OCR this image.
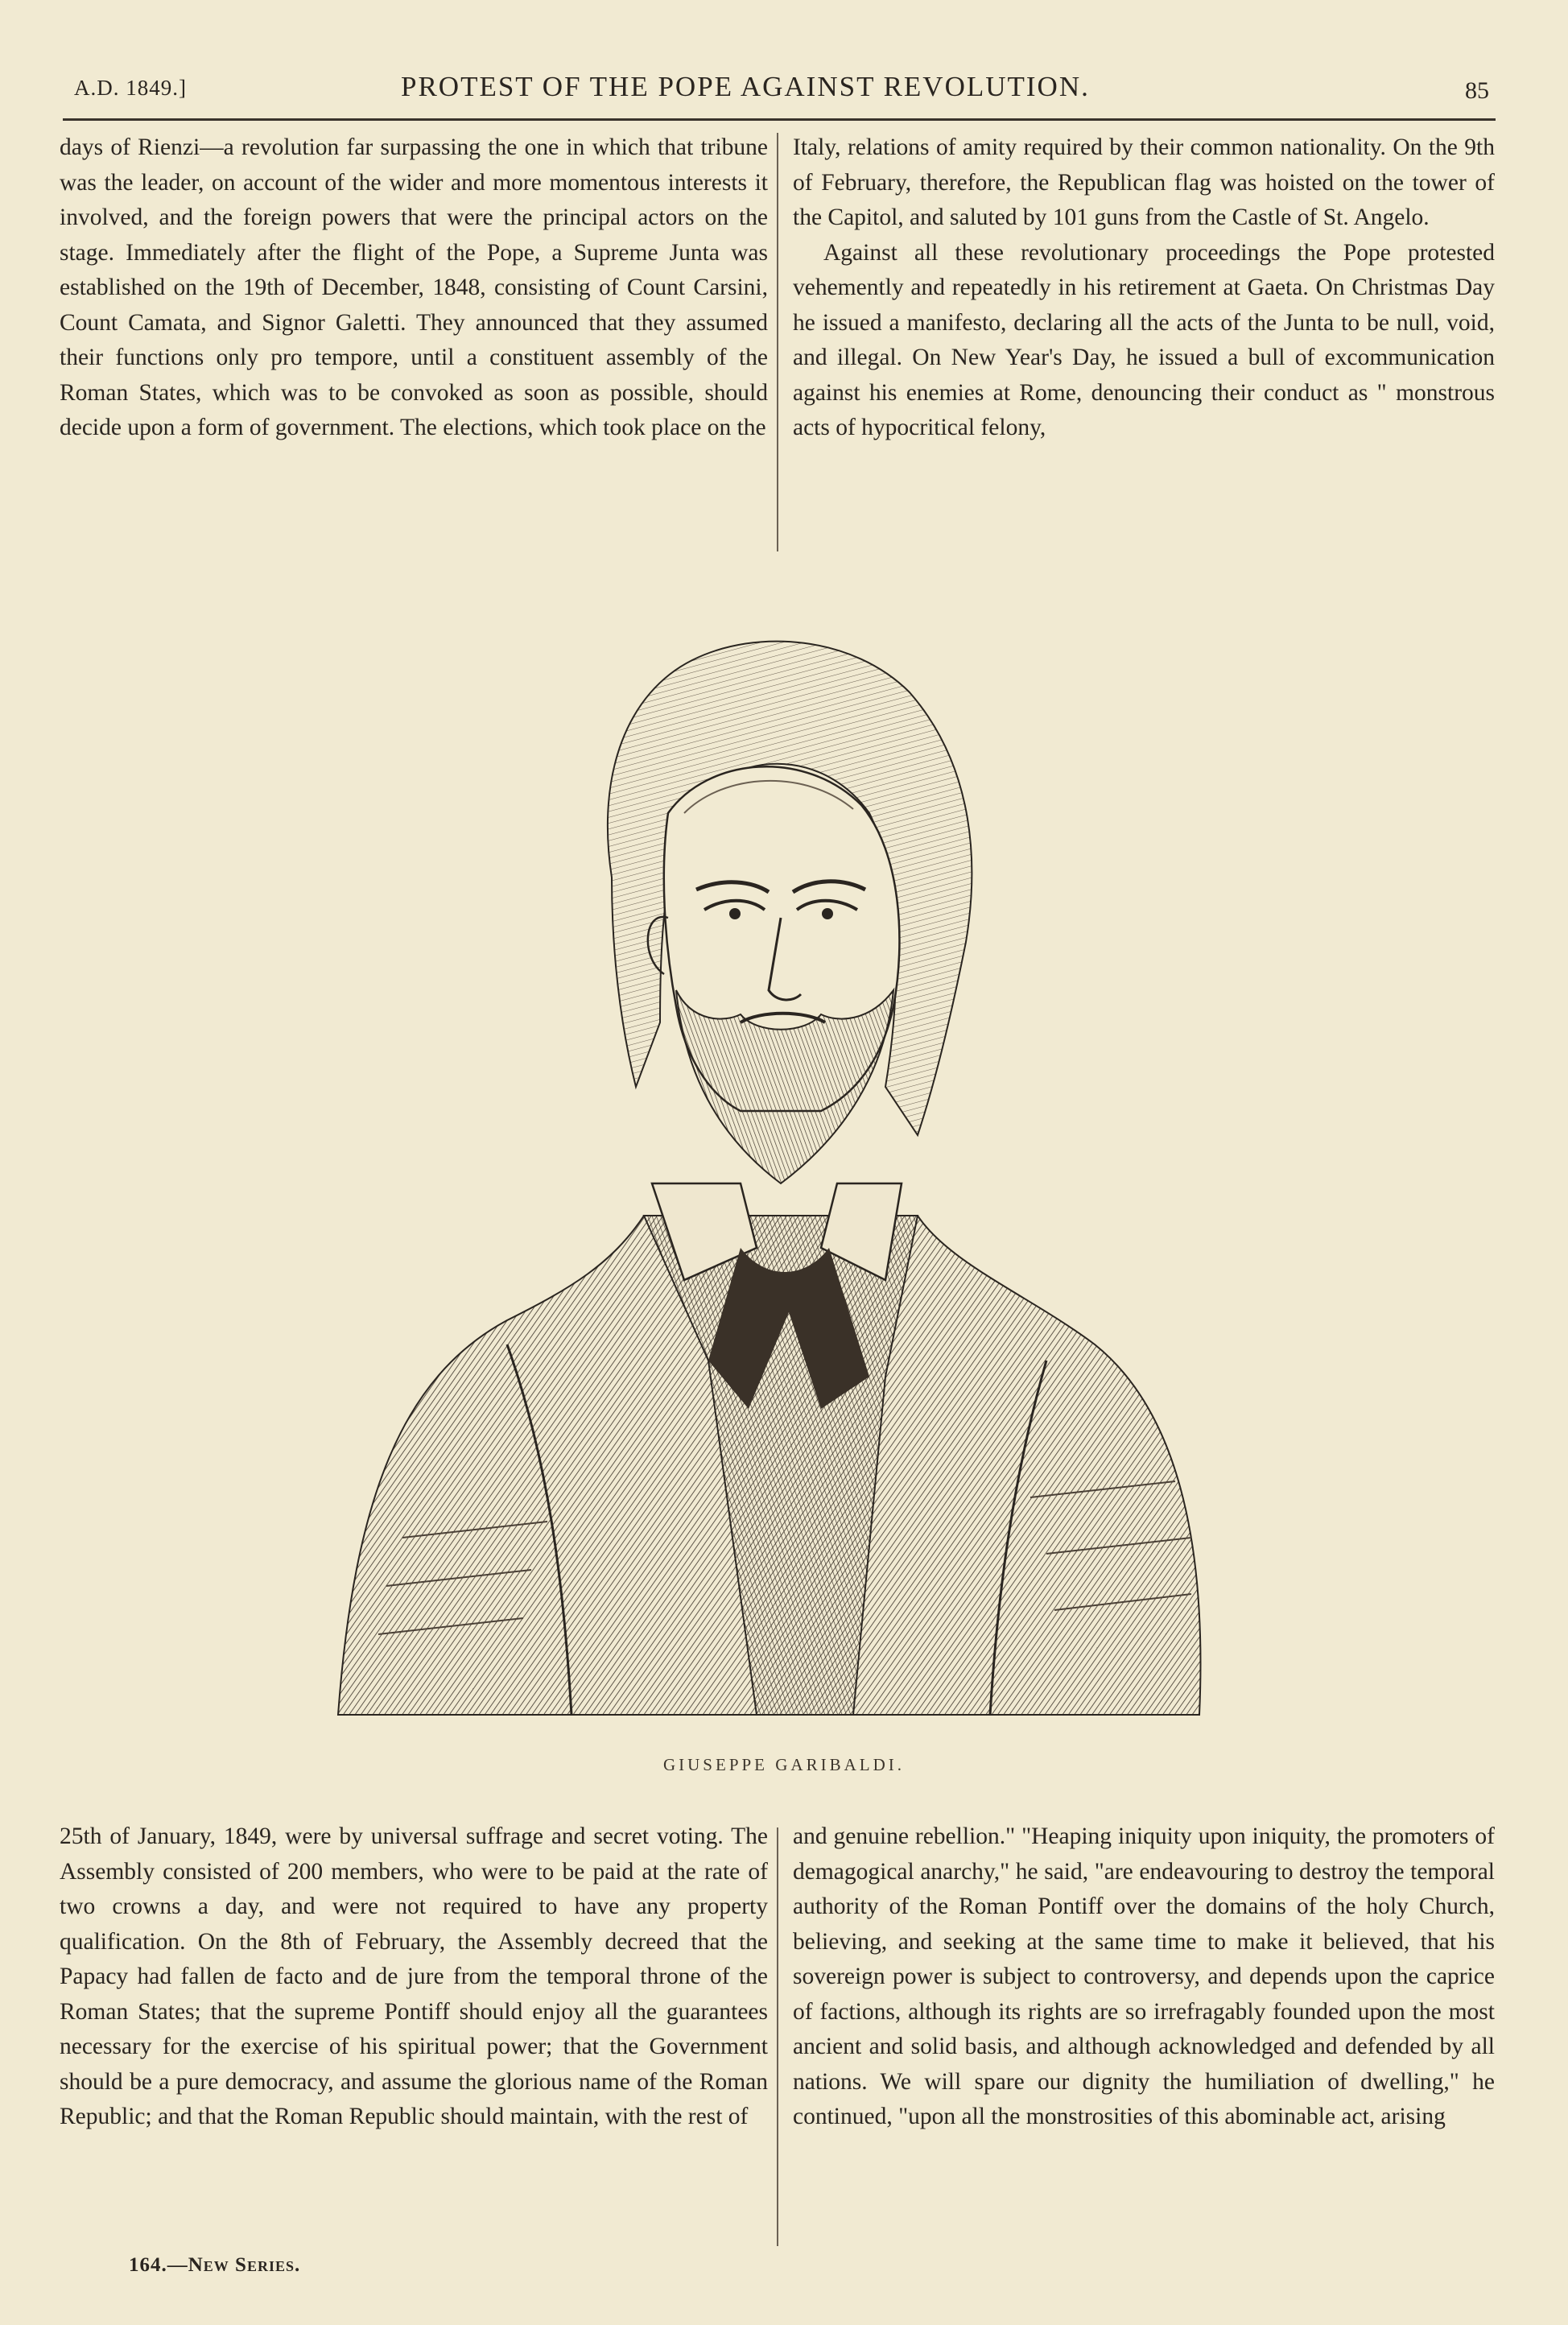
A.D. 1849.]	PROTEST OF THE POPE AGAINST REVOLUTION.	85

days of Rienzi—a revolution far surpassing the one in which that tribune was the leader, on account of the wider and more momentous interests it involved, and the foreign powers that were the principal actors on the stage. Immediately after the flight of the Pope, a Supreme Junta was established on the 19th of December, 1848, consisting of Count Carsini, Count Camata, and Signor Galetti. They announced that they assumed their functions only pro tempore, until a constituent assembly of the Roman States, which was to be convoked as soon as possible, should decide upon a form of government. The elections, which took place on the

Italy, relations of amity required by their common nationality. On the 9th of February, therefore, the Republican flag was hoisted on the tower of the Capitol, and saluted by 101 guns from the Castle of St. Angelo.

Against all these revolutionary proceedings the Pope protested vehemently and repeatedly in his retirement at Gaeta. On Christmas Day he issued a manifesto, declaring all the acts of the Junta to be null, void, and illegal. On New Year's Day, he issued a bull of excommunication against his enemies at Rome, denouncing their conduct as " monstrous acts of hypocritical felony,

GIUSEPPE GARIBALDI.

25th of January, 1849, were by universal suffrage and secret voting. The Assembly consisted of 200 members, who were to be paid at the rate of two crowns a day, and were not required to have any property qualification. On the 8th of February, the Assembly decreed that the Papacy had fallen de facto and de jure from the temporal throne of the Roman States; that the supreme Pontiff should enjoy all the guarantees necessary for the exercise of his spiritual power; that the Government should be a pure democracy, and assume the glorious name of the Roman Republic; and that the Roman Republic should maintain, with the rest of

and genuine rebellion." "Heaping iniquity upon iniquity, the promoters of demagogical anarchy," he said, "are endeavouring to destroy the temporal authority of the Roman Pontiff over the domains of the holy Church, believing, and seeking at the same time to make it believed, that his sovereign power is subject to controversy, and depends upon the caprice of factions, although its rights are so irrefragably founded upon the most ancient and solid basis, and although acknowledged and defended by all nations. We will spare our dignity the humiliation of dwelling," he continued, "upon all the monstrosities of this abominable act, arising

164.—New Series.
